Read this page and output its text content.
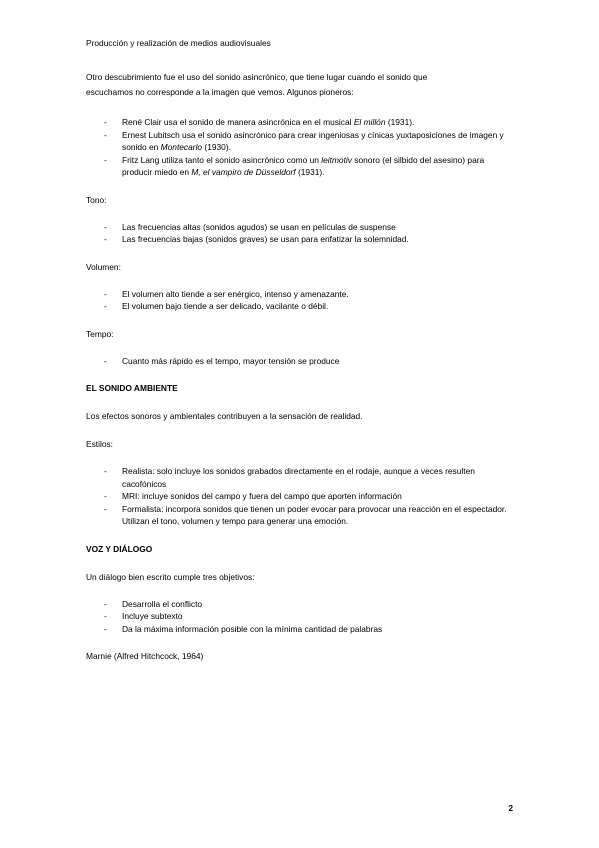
Producción y realización de medios audiovisuales

Otro descubrimiento fue el uso del sonido asincrónico, que tiene lugar cuando el sonido que

escuchamos no corresponde a la imagen que vemos. Algunos pioneros:

- René Clair usa el sonido de manera asincrónica en el musical El millón (1931).
- Ernest Lubitsch usa el sonido asincrónico para crear ingeniosas y cínicas yuxtaposiciones de imagen y sonido en Montecarlo (1930).
- Fritz Lang utiliza tanto el sonido asincrónico como un leitmotiv sonoro (el silbido del asesino) para producir miedo en M, el vampiro de Düsseldorf (1931).

Tono:

- Las frecuencias altas (sonidos agudos) se usan en películas de suspense
- Las frecuencias bajas (sonidos graves) se usan para enfatizar la solemnidad.

Volumen:

- El volumen alto tiende a ser enérgico, intenso y amenazante.
- El volumen bajo tiende a ser delicado, vacilante o débil.

Tempo:

- Cuanto más rápido es el tempo, mayor tensión se produce

EL SONIDO AMBIENTE

Los efectos sonoros y ambientales contribuyen a la sensación de realidad.

Estilos:

- Realista: solo incluye los sonidos grabados directamente en el rodaje, aunque a veces resulten cacofónicos
- MRI: incluye sonidos del campo y fuera del campo que aporten información
- Formalista: incorpora sonidos que tienen un poder evocar para provocar una reacción en el espectador. Utilizan el tono, volumen y tempo para generar una emoción.

VOZ Y DIÁLOGO

Un diálogo bien escrito cumple tres objetivos:

- Desarrolla el conflicto
- Incluye subtexto
- Da la máxima información posible con la mínima cantidad de palabras

Marnie (Alfred Hitchcock, 1964)

2
